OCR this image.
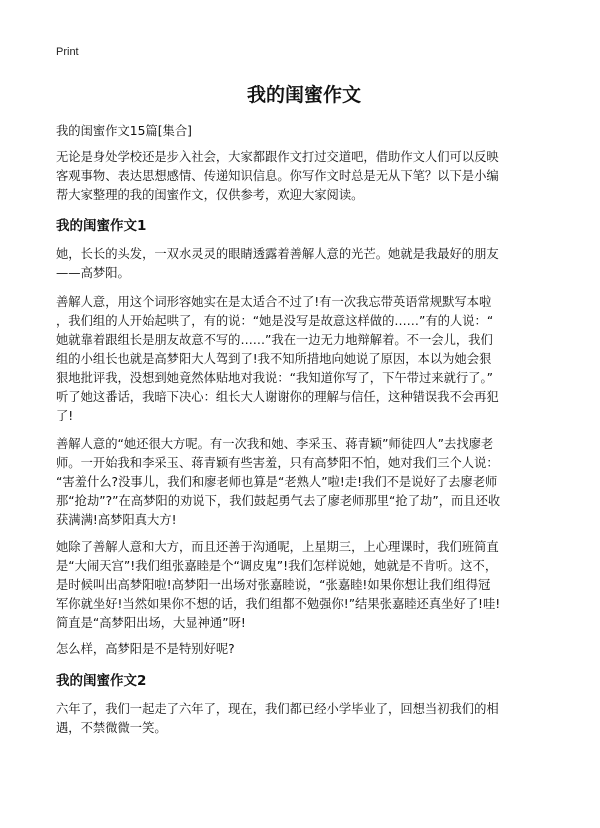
Print
我的闺蜜作文
我的闺蜜作文15篇[集合]
无论是身处学校还是步入社会，大家都跟作文打过交道吧，借助作文人们可以反映
客观事物、表达思想感情、传递知识信息。你写作文时总是无从下笔？以下是小编
帮大家整理的我的闺蜜作文，仅供参考，欢迎大家阅读。
我的闺蜜作文1
她，长长的头发，一双水灵灵的眼睛透露着善解人意的光芒。她就是我最好的朋友
——高梦阳。
善解人意，用这个词形容她实在是太适合不过了!有一次我忘带英语常规默写本啦
，我们组的人开始起哄了，有的说：“她是没写是故意这样做的……”有的人说：“
她就靠着跟组长是朋友故意不写的……”我在一边无力地辩解着。不一会儿，我们
组的小组长也就是高梦阳大人驾到了!我不知所措地向她说了原因，本以为她会狠
狠地批评我，没想到她竟然体贴地对我说：“我知道你写了，下午带过来就行了。”
听了她这番话，我暗下决心：组长大人谢谢你的理解与信任，这种错误我不会再犯
了!
善解人意的“她还很大方呢。有一次我和她、李采玉、蒋青颖”师徒四人”去找廖老
师。一开始我和李采玉、蒋青颖有些害羞，只有高梦阳不怕，她对我们三个人说：
“害羞什么?没事儿，我们和廖老师也算是“老熟人”啦!走!我们不是说好了去廖老师
那“抢劫”?”在高梦阳的劝说下，我们鼓起勇气去了廖老师那里“抢了劫”，而且还收
获满满!高梦阳真大方!
她除了善解人意和大方，而且还善于沟通呢，上星期三，上心理课时，我们班简直
是“大闹天宫”!我们组张嘉睦是个“调皮鬼”!我们怎样说她，她就是不肯听。这不，
是时候叫出高梦阳啦!高梦阳一出场对张嘉睦说，“张嘉睦!如果你想让我们组得冠
军你就坐好!当然如果你不想的话，我们组都不勉强你!”结果张嘉睦还真坐好了!哇!
简直是“高梦阳出场，大显神通”呀!
怎么样，高梦阳是不是特别好呢?
我的闺蜜作文2
六年了，我们一起走了六年了，现在，我们都已经小学毕业了，回想当初我们的相
遇，不禁微微一笑。
